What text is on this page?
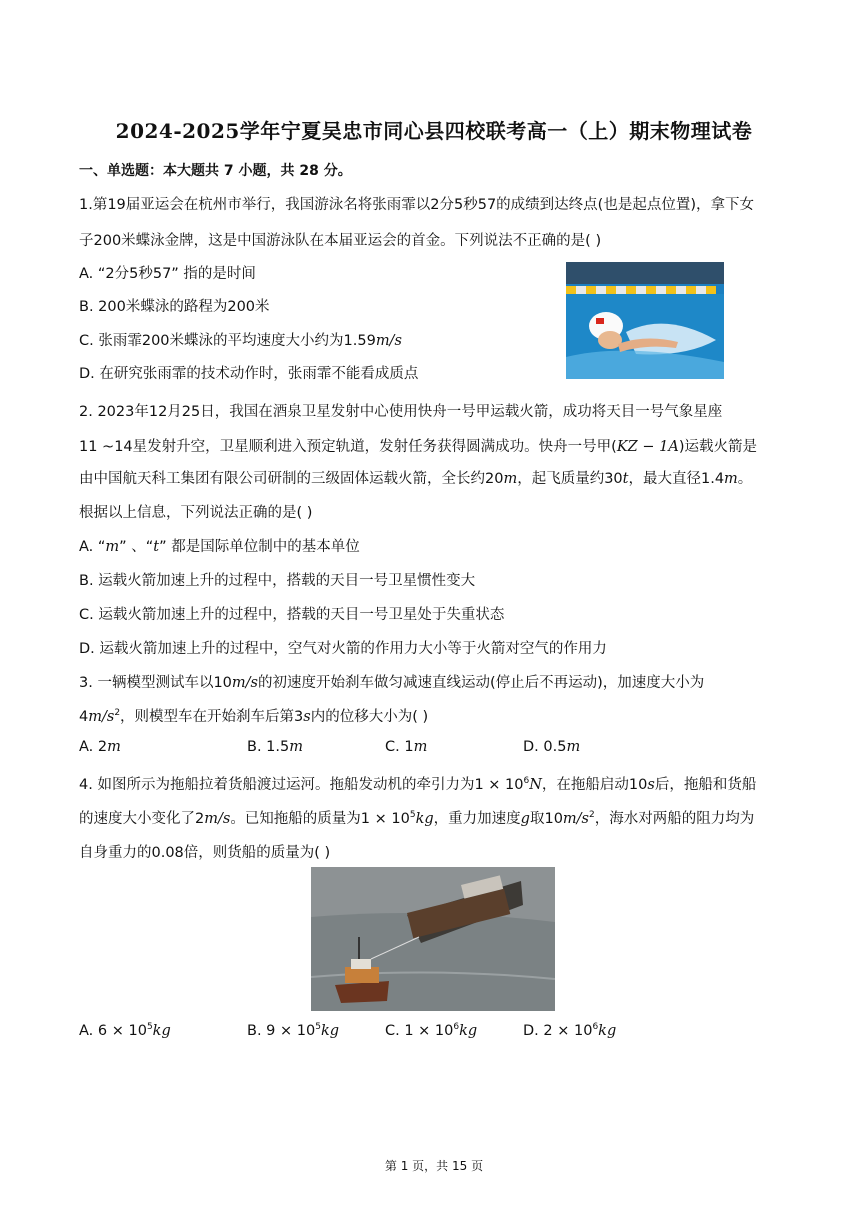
2024-2025学年宁夏吴忠市同心县四校联考高一（上）期末物理试卷
一、单选题：本大题共 7 小题，共 28 分。
1.第19届亚运会在杭州市举行，我国游泳名将张雨霏以2分5秒57的成绩到达终点(也是起点位置)，拿下女
子200米蝶泳金牌，这是中国游泳队在本届亚运会的首金。下列说法不正确的是( )
A. “2分5秒57” 指的是时间
B. 200米蝶泳的路程为200米
C. 张雨霏200米蝶泳的平均速度大小约为1.59m/s
D. 在研究张雨霏的技术动作时，张雨霏不能看成质点
2. 2023年12月25日，我国在酒泉卫星发射中心使用快舟一号甲运载火箭，成功将天目一号气象星座
11 ~14星发射升空，卫星顺利进入预定轨道，发射任务获得圆满成功。快舟一号甲(KZ − 1A)运载火箭是
由中国航天科工集团有限公司研制的三级固体运载火箭，全长约20m，起飞质量约30t，最大直径1.4m。
根据以上信息，下列说法正确的是( )
A. “m” 、“t” 都是国际单位制中的基本单位
B. 运载火箭加速上升的过程中，搭载的天目一号卫星惯性变大
C. 运载火箭加速上升的过程中，搭载的天目一号卫星处于失重状态
D. 运载火箭加速上升的过程中，空气对火箭的作用力大小等于火箭对空气的作用力
3. 一辆模型测试车以10m/s的初速度开始刹车做匀减速直线运动(停止后不再运动)，加速度大小为
$4m/s^2$，则模型车在开始刹车后第3s内的位移大小为( )
A. 2m	B. 1.5m	C. 1m	D. 0.5m
4. 如图所示为拖船拉着货船渡过运河。拖船发动机的牵引力为$1 \times 10^6N$，在拖船启动10s后，拖船和货船
的速度大小变化了2m/s。已知拖船的质量为$1 \times 10^5kg$，重力加速度g取$10m/s^2$，海水对两船的阻力均为
自身重力的0.08倍，则货船的质量为( )
A. $6 \times 10^5kg$	B. $9 \times 10^5kg$	C. $1 \times 10^6kg$	D. $2 \times 10^6kg$
第 1 页，共 15 页
